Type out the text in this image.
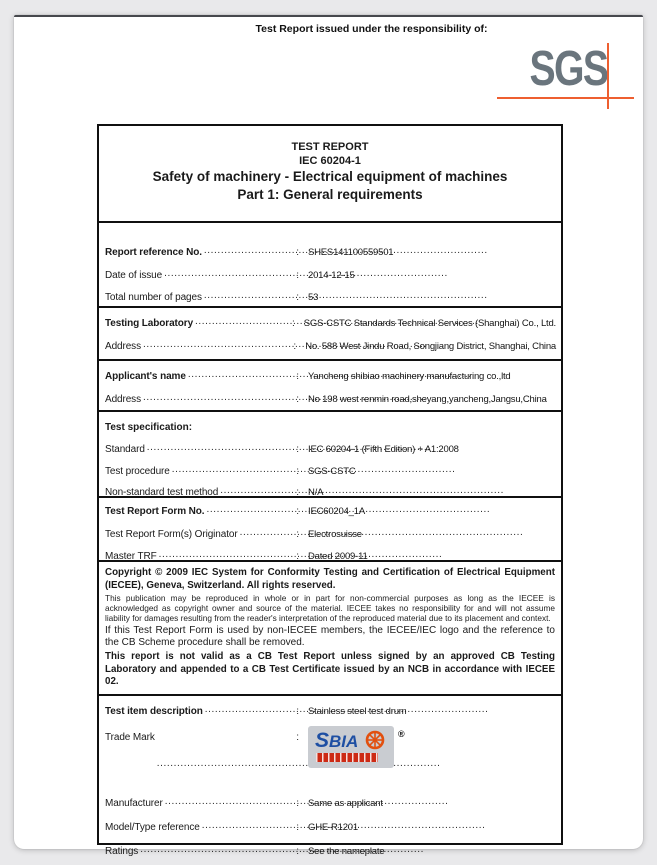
Test Report issued under the responsibility of:
SGS
TEST REPORT
IEC 60204-1
Safety of machinery - Electrical equipment of machines
Part 1: General requirements
Report reference No. ..... :	SHES141100559501
Date of issue ..... :	2014-12-15
Total number of pages ..... :	53
Testing Laboratory ..... :	SGS-CSTC Standards Technical Services (Shanghai) Co., Ltd.
Address ..... :	No. 588 West Jindu Road, Songjiang District, Shanghai, China
Applicant's name ..... :	Yancheng shibiao machinery manufacturing co.,ltd
Address ..... :	No 198 west renmin road,sheyang,yancheng,Jangsu,China
Test specification:
Standard ..... :	IEC 60204-1 (Fifth Edition) + A1:2008
Test procedure ..... :	SGS-CSTC
Non-standard test method ..... :	N/A
Test Report Form No. ..... :	IEC60204_1A
Test Report Form(s) Originator ..... :	Electrosuisse
Master TRF ..... :	Dated 2009-11
Copyright © 2009 IEC System for Conformity Testing and Certification of Electrical Equipment (IECEE), Geneva, Switzerland. All rights reserved.
This publication may be reproduced in whole or in part for non-commercial purposes as long as the IECEE is acknowledged as copyright owner and source of the material. IECEE takes no responsibility for and will not assume liability for damages resulting from the reader's interpretation of the reproduced material due to its placement and context.
If this Test Report Form is used by non-IECEE members, the IECEE/IEC logo and the reference to the CB Scheme procedure shall be removed.
This report is not valid as a CB Test Report unless signed by an approved CB Testing Laboratory and appended to a CB Test Certificate issued by an NCB in accordance with IECEE 02.
Test item description ..... :	Stainless steel test drum
Trade Mark
..... :	SBIA	®
Manufacturer ..... :	Same as applicant
Model/Type reference ..... :	GHE-R1201
Ratings ..... :	See the nameplate
